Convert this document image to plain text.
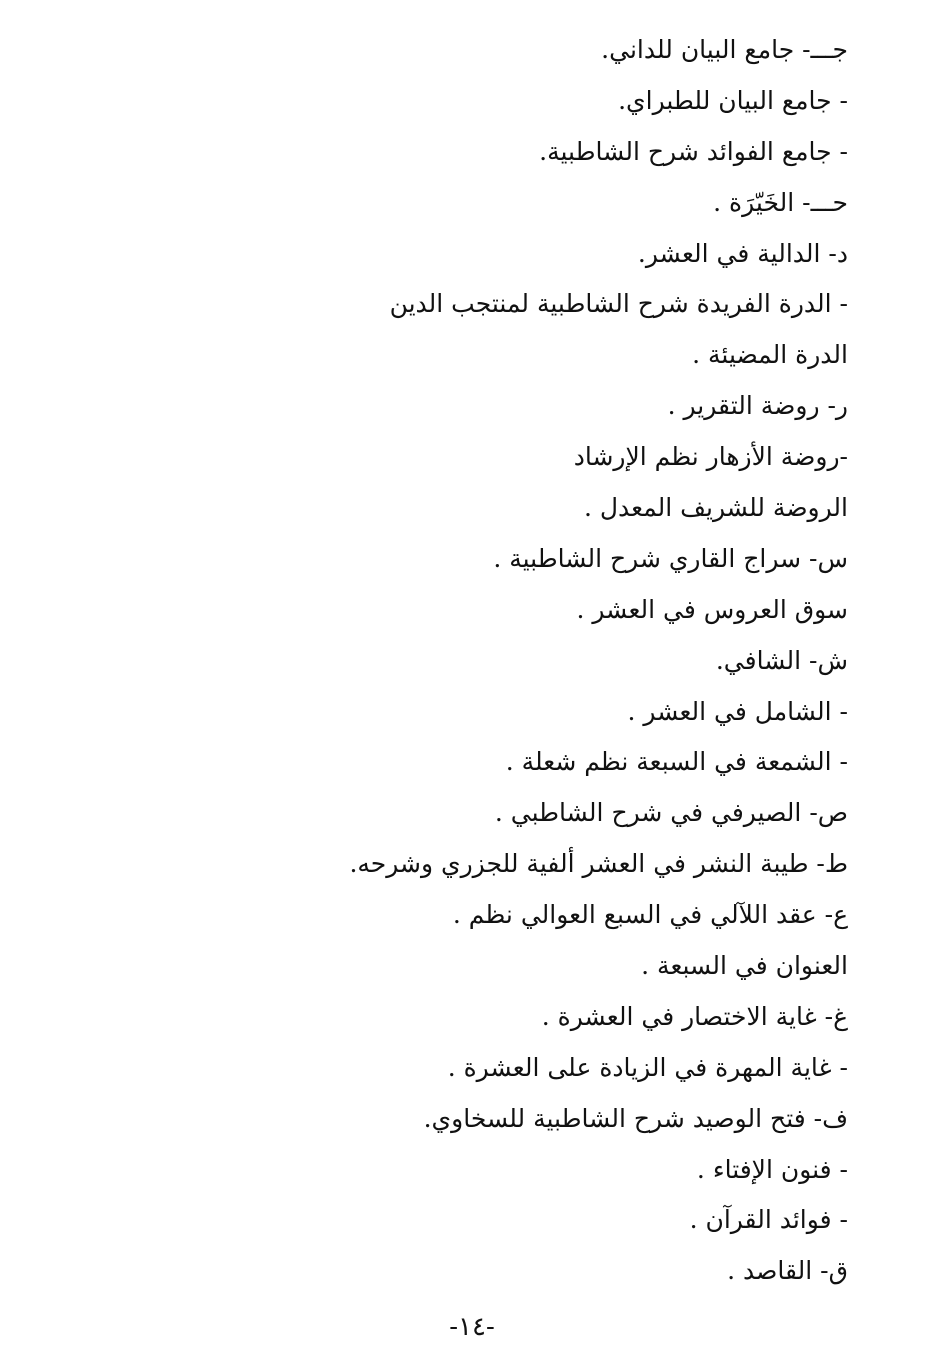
جـــ- جامع البيان للداني.
- جامع البيان للطبراي.
- جامع الفوائد شرح الشاطبية.
حـــ- الخَيّرَة .
د- الدالية في العشر.
- الدرة الفريدة شرح الشاطبية لمنتجب الدين
الدرة المضيئة .
ر- روضة التقرير .
-روضة الأزهار نظم الإرشاد
الروضة للشريف المعدل .
س- سراج القاري شرح الشاطبية .
سوق العروس في العشر .
ش- الشافي.
- الشامل في العشر .
- الشمعة في السبعة نظم شعلة .
ص- الصيرفي في شرح الشاطبي .
ط- طيبة النشر في العشر ألفية للجزري وشرحه.
ع- عقد اللآلي في السبع العوالي نظم .
العنوان في السبعة .
غ- غاية الاختصار في العشرة .
- غاية المهرة في الزيادة على العشرة .
ف- فتح الوصيد شرح الشاطبية للسخاوي.
- فنون الإفتاء .
- فوائد القرآن .
ق- القاصد .
-١٤-
